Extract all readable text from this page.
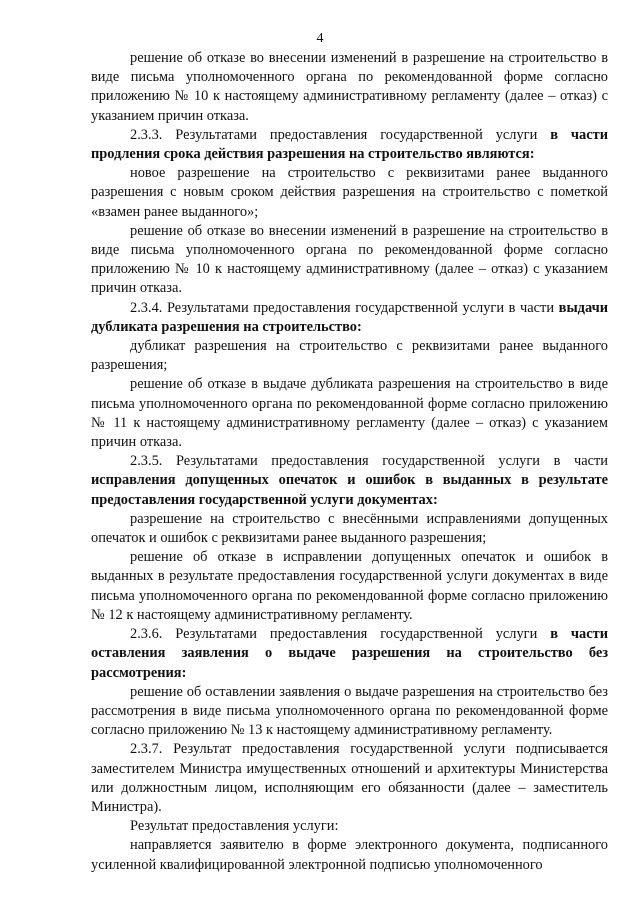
4

решение об отказе во внесении изменений в разрешение на строительство в виде письма уполномоченного органа по рекомендованной форме согласно приложению № 10 к настоящему административному регламенту (далее – отказ) с указанием причин отказа.

2.3.3. Результатами предоставления государственной услуги в части продления срока действия разрешения на строительство являются:

новое разрешение на строительство с реквизитами ранее выданного разрешения с новым сроком действия разрешения на строительство с пометкой «взамен ранее выданного»;

решение об отказе во внесении изменений в разрешение на строительство в виде письма уполномоченного органа по рекомендованной форме согласно приложению № 10 к настоящему административному (далее – отказ) с указанием причин отказа.

2.3.4. Результатами предоставления государственной услуги в части выдачи дубликата разрешения на строительство:

дубликат разрешения на строительство с реквизитами ранее выданного разрешения;

решение об отказе в выдаче дубликата разрешения на строительство в виде письма уполномоченного органа по рекомендованной форме согласно приложению № 11 к настоящему административному регламенту (далее – отказ) с указанием причин отказа.

2.3.5. Результатами предоставления государственной услуги в части исправления допущенных опечаток и ошибок в выданных в результате предоставления государственной услуги документах:

разрешение на строительство с внесёнными исправлениями допущенных опечаток и ошибок с реквизитами ранее выданного разрешения;

решение об отказе в исправлении допущенных опечаток и ошибок в выданных в результате предоставления государственной услуги документах в виде письма уполномоченного органа по рекомендованной форме согласно приложению № 12 к настоящему административному регламенту.

2.3.6. Результатами предоставления государственной услуги в части оставления заявления о выдаче разрешения на строительство без рассмотрения:

решение об оставлении заявления о выдаче разрешения на строительство без рассмотрения в виде письма уполномоченного органа по рекомендованной форме согласно приложению № 13 к настоящему административному регламенту.

2.3.7. Результат предоставления государственной услуги подписывается заместителем Министра имущественных отношений и архитектуры Министерства или должностным лицом, исполняющим его обязанности (далее – заместитель Министра).

Результат предоставления услуги:

направляется заявителю в форме электронного документа, подписанного усиленной квалифицированной электронной подписью уполномоченного
